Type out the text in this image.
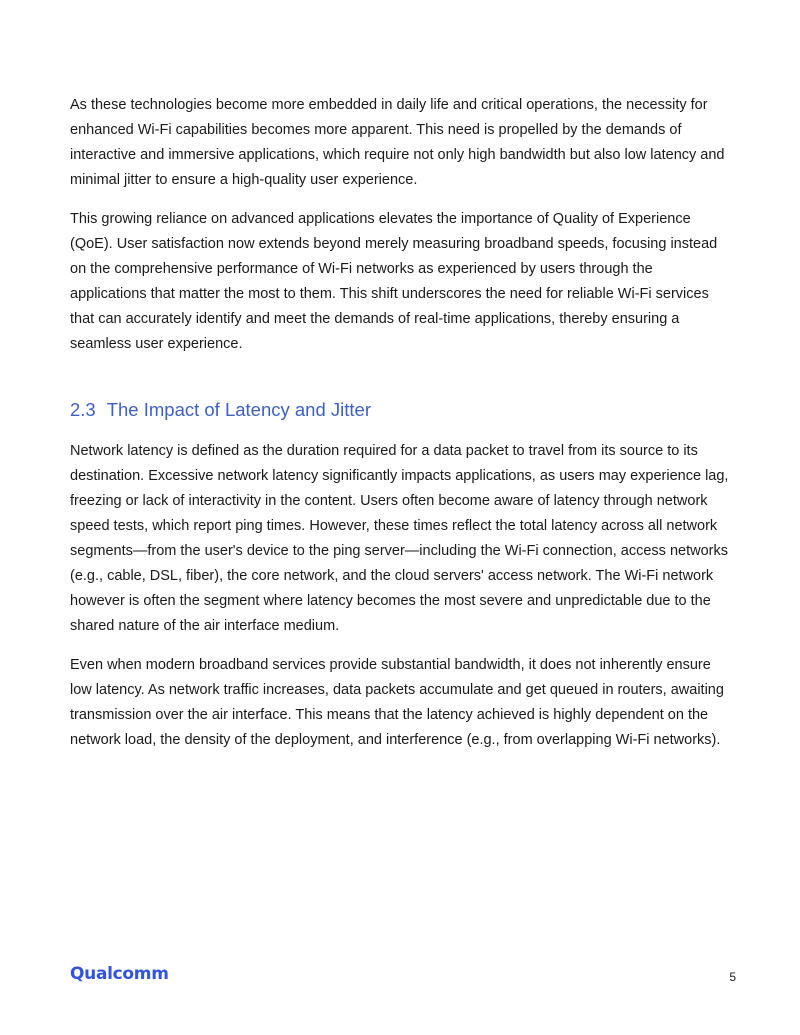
As these technologies become more embedded in daily life and critical operations, the necessity for enhanced Wi-Fi capabilities becomes more apparent. This need is propelled by the demands of interactive and immersive applications, which require not only high bandwidth but also low latency and minimal jitter to ensure a high-quality user experience.

This growing reliance on advanced applications elevates the importance of Quality of Experience (QoE). User satisfaction now extends beyond merely measuring broadband speeds, focusing instead on the comprehensive performance of Wi-Fi networks as experienced by users through the applications that matter the most to them. This shift underscores the need for reliable Wi-Fi services that can accurately identify and meet the demands of real-time applications, thereby ensuring a seamless user experience.

2.3 The Impact of Latency and Jitter

Network latency is defined as the duration required for a data packet to travel from its source to its destination. Excessive network latency significantly impacts applications, as users may experience lag, freezing or lack of interactivity in the content. Users often become aware of latency through network speed tests, which report ping times. However, these times reflect the total latency across all network segments—from the user's device to the ping server—including the Wi-Fi connection, access networks (e.g., cable, DSL, fiber), the core network, and the cloud servers' access network. The Wi-Fi network however is often the segment where latency becomes the most severe and unpredictable due to the shared nature of the air interface medium.

Even when modern broadband services provide substantial bandwidth, it does not inherently ensure low latency. As network traffic increases, data packets accumulate and get queued in routers, awaiting transmission over the air interface. This means that the latency achieved is highly dependent on the network load, the density of the deployment, and interference (e.g., from overlapping Wi-Fi networks).

Qualcomm	5
